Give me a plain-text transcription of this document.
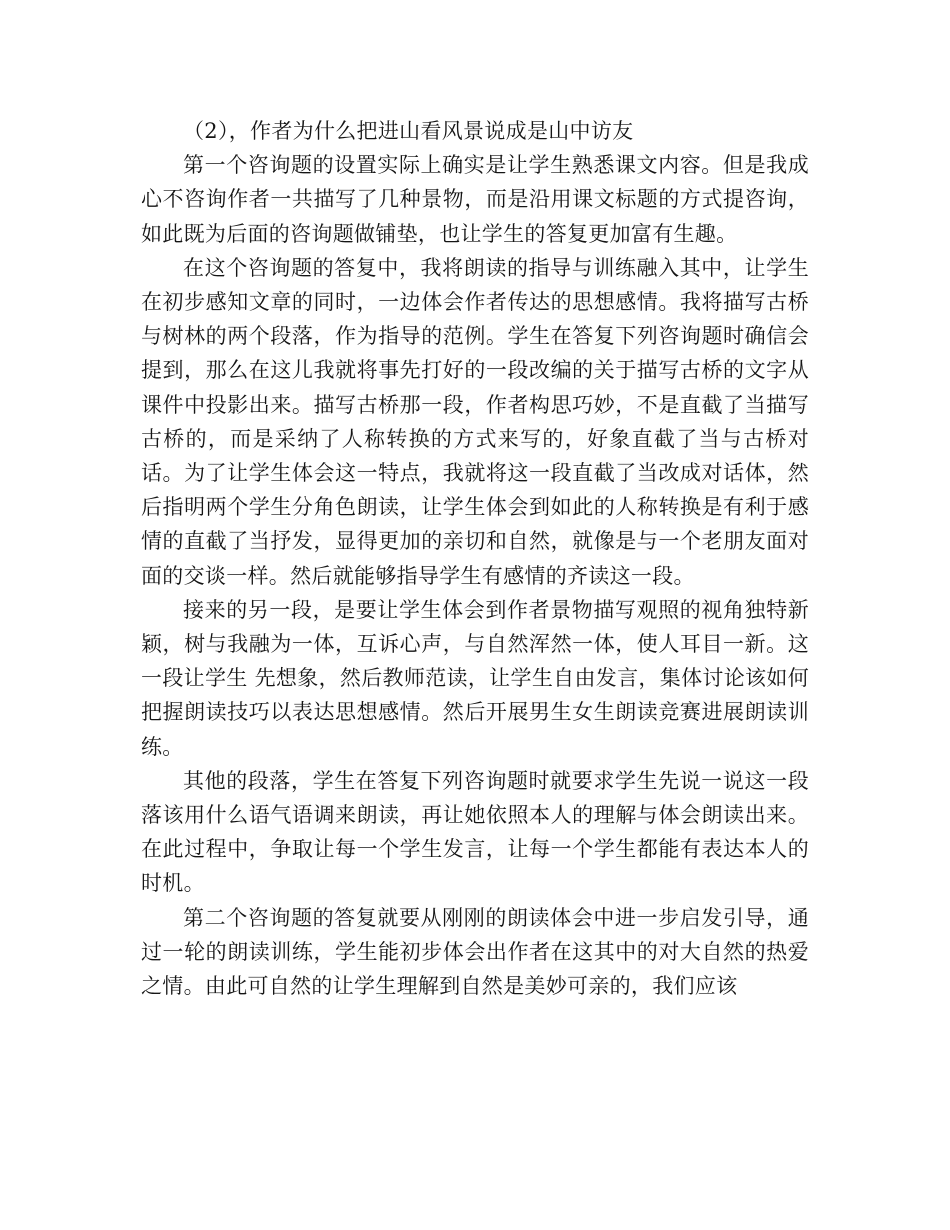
（2），作者为什么把进山看风景说成是山中访友

第一个咨询题的设置实际上确实是让学生熟悉课文内容。但是我成心不咨询作者一共描写了几种景物，而是沿用课文标题的方式提咨询，如此既为后面的咨询题做铺垫，也让学生的答复更加富有生趣。

在这个咨询题的答复中，我将朗读的指导与训练融入其中，让学生在初步感知文章的同时，一边体会作者传达的思想感情。我将描写古桥与树林的两个段落，作为指导的范例。学生在答复下列咨询题时确信会提到，那么在这儿我就将事先打好的一段改编的关于描写古桥的文字从课件中投影出来。描写古桥那一段，作者构思巧妙，不是直截了当描写古桥的，而是采纳了人称转换的方式来写的，好象直截了当与古桥对话。为了让学生体会这一特点，我就将这一段直截了当改成对话体，然后指明两个学生分角色朗读，让学生体会到如此的人称转换是有利于感情的直截了当抒发，显得更加的亲切和自然，就像是与一个老朋友面对面的交谈一样。然后就能够指导学生有感情的齐读这一段。

接来的另一段，是要让学生体会到作者景物描写观照的视角独特新颖，树与我融为一体，互诉心声，与自然浑然一体，使人耳目一新。这一段让学生 先想象，然后教师范读，让学生自由发言，集体讨论该如何把握朗读技巧以表达思想感情。然后开展男生女生朗读竞赛进展朗读训练。

其他的段落，学生在答复下列咨询题时就要求学生先说一说这一段落该用什么语气语调来朗读，再让她依照本人的理解与体会朗读出来。在此过程中，争取让每一个学生发言，让每一个学生都能有表达本人的时机。

第二个咨询题的答复就要从刚刚的朗读体会中进一步启发引导，通过一轮的朗读训练，学生能初步体会出作者在这其中的对大自然的热爱之情。由此可自然的让学生理解到自然是美妙可亲的，我们应该
